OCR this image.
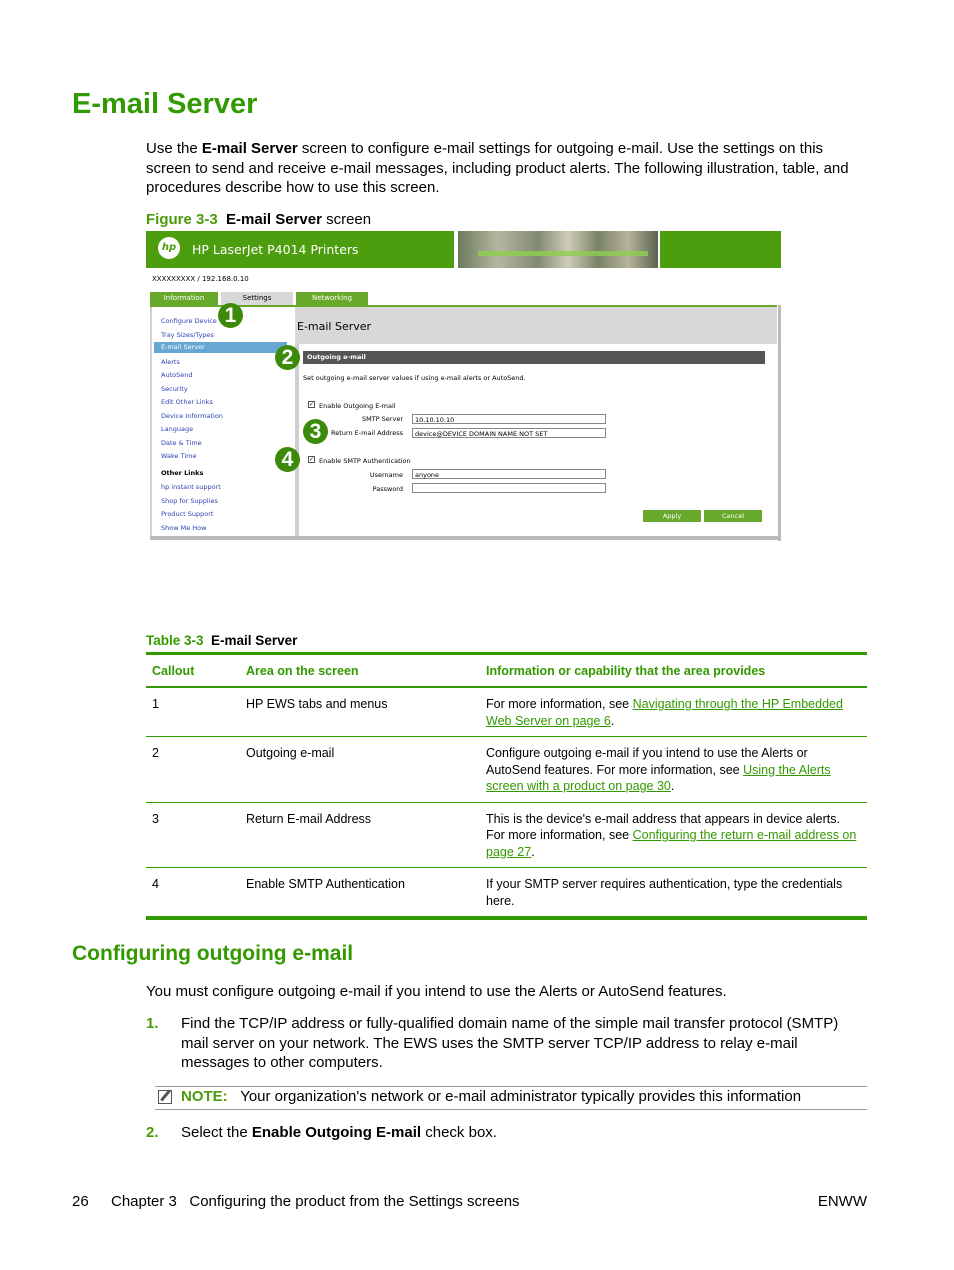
E-mail Server
Use the E-mail Server screen to configure e-mail settings for outgoing e-mail. Use the settings on this screen to send and receive e-mail messages, including product alerts. The following illustration, table, and procedures describe how to use this screen.
Figure 3-3 E-mail Server screen
hp	HP LaserJet P4014 Printers
XXXXXXXXX / 192.168.0.10
Information	Settings	Networking
Configure Device
Tray Sizes/Types
E-mail Server
Alerts
AutoSend
Security
Edit Other Links
Device Information
Language
Date & Time
Wake Time
Other Links
hp instant support
Shop for Supplies
Product Support
Show Me How
E-mail Server
Outgoing e-mail
Set outgoing e-mail server values if using e-mail alerts or AutoSend.
✓ Enable Outgoing E-mail
SMTP Server	10.10.10.10
Return E-mail Address	device@DEVICE DOMAIN NAME NOT SET
✓ Enable SMTP Authentication
Username	anyone
Password
Apply	Cancel
1
2
3
4
Table 3-3 E-mail Server
Callout	Area on the screen	Information or capability that the area provides
1	HP EWS tabs and menus	For more information, see Navigating through the HP Embedded Web Server on page 6.
2	Outgoing e-mail	Configure outgoing e-mail if you intend to use the Alerts or AutoSend features. For more information, see Using the Alerts screen with a product on page 30.
3	Return E-mail Address	This is the device's e-mail address that appears in device alerts. For more information, see Configuring the return e-mail address on page 27.
4	Enable SMTP Authentication	If your SMTP server requires authentication, type the credentials here.
Configuring outgoing e-mail
You must configure outgoing e-mail if you intend to use the Alerts or AutoSend features.
1. Find the TCP/IP address or fully-qualified domain name of the simple mail transfer protocol (SMTP) mail server on your network. The EWS uses the SMTP server TCP/IP address to relay e-mail messages to other computers.
NOTE: Your organization's network or e-mail administrator typically provides this information
2. Select the Enable Outgoing E-mail check box.
26 Chapter 3   Configuring the product from the Settings screens	ENWW
